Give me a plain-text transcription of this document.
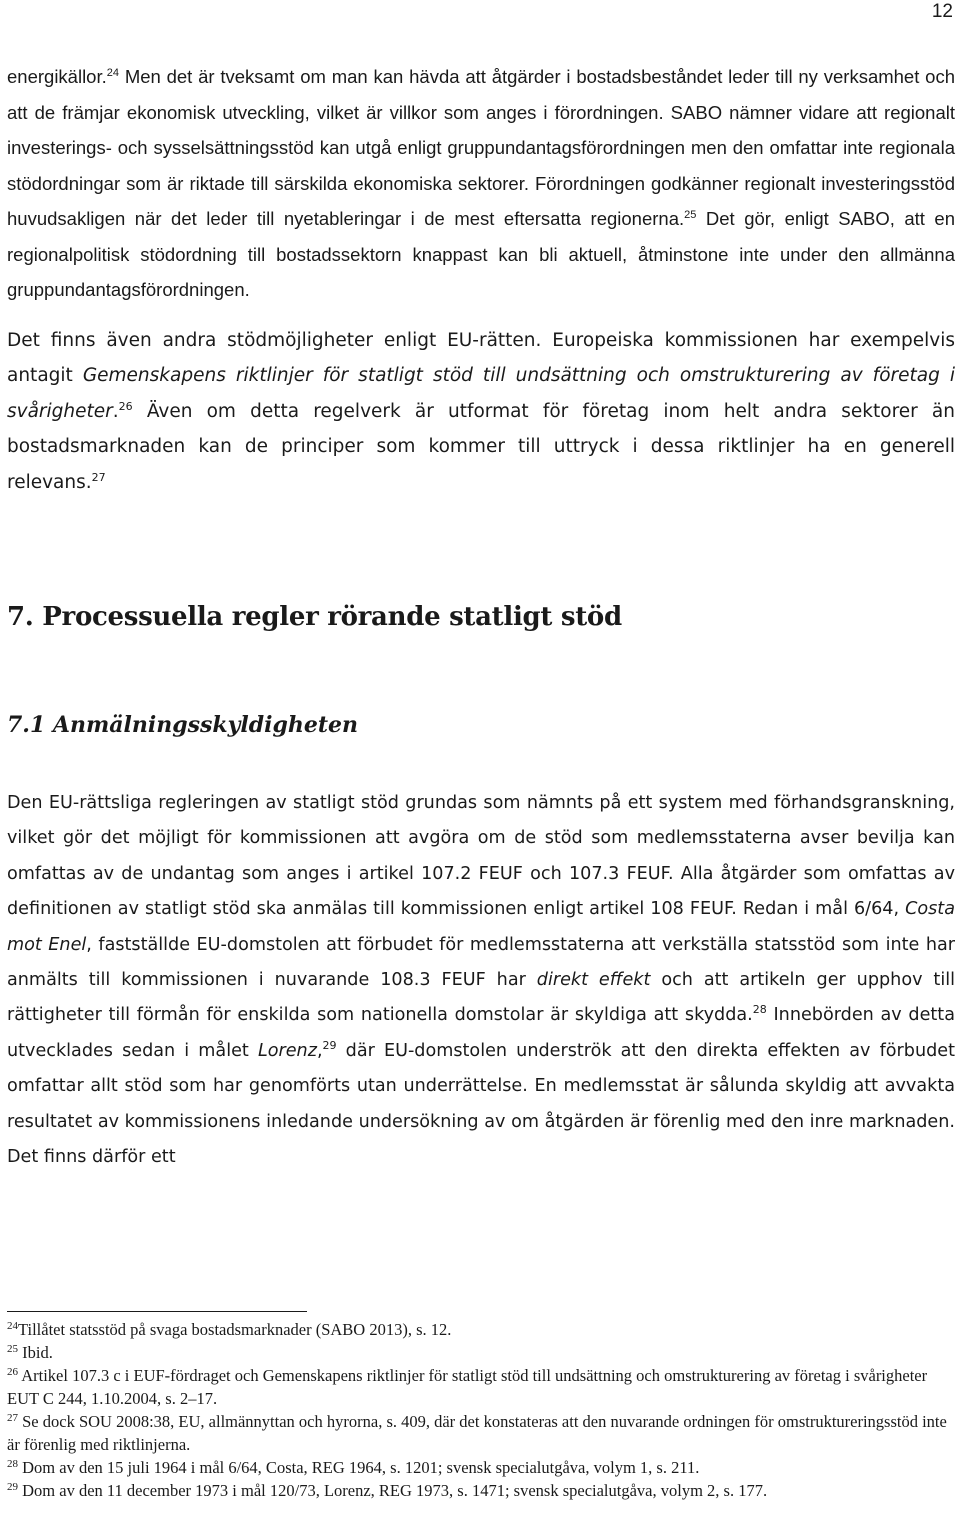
12

energikällor.$^{24}$ Men det är tveksamt om man kan hävda att åtgärder i bostadsbeståndet leder till ny verksamhet och att de främjar ekonomisk utveckling, vilket är villkor som anges i förordningen. SABO nämner vidare att regionalt investerings- och sysselsättningsstöd kan utgå enligt gruppundantagsförordningen men den omfattar inte regionala stödordningar som är riktade till särskilda ekonomiska sektorer. Förordningen godkänner regionalt investeringsstöd huvudsakligen när det leder till nyetableringar i de mest eftersatta regionerna.$^{25}$ Det gör, enligt SABO, att en regionalpolitisk stödordning till bostadssektorn knappast kan bli aktuell, åtminstone inte under den allmänna gruppundantagsförordningen.

Det finns även andra stödmöjligheter enligt EU-rätten. Europeiska kommissionen har exempelvis antagit Gemenskapens riktlinjer för statligt stöd till undsättning och omstrukturering av företag i svårigheter.$^{26}$ Även om detta regelverk är utformat för företag inom helt andra sektorer än bostadsmarknaden kan de principer som kommer till uttryck i dessa riktlinjer ha en generell relevans.$^{27}$

7. Processuella regler rörande statligt stöd
7.1 Anmälningsskyldigheten

Den EU-rättsliga regleringen av statligt stöd grundas som nämnts på ett system med förhandsgranskning, vilket gör det möjligt för kommissionen att avgöra om de stöd som medlemsstaterna avser bevilja kan omfattas av de undantag som anges i artikel 107.2 FEUF och 107.3 FEUF. Alla åtgärder som omfattas av definitionen av statligt stöd ska anmälas till kommissionen enligt artikel 108 FEUF. Redan i mål 6/64, Costa mot Enel, fastställde EU-domstolen att förbudet för medlemsstaterna att verkställa statsstöd som inte har anmälts till kommissionen i nuvarande 108.3 FEUF har direkt effekt och att artikeln ger upphov till rättigheter till förmån för enskilda som nationella domstolar är skyldiga att skydda.$^{28}$ Innebörden av detta utvecklades sedan i målet Lorenz,$^{29}$ där EU-domstolen underströk att den direkta effekten av förbudet omfattar allt stöd som har genomförts utan underrättelse. En medlemsstat är sålunda skyldig att avvakta resultatet av kommissionens inledande undersökning av om åtgärden är förenlig med den inre marknaden. Det finns därför ett

$^{24}$Tillåtet statsstöd på svaga bostadsmarknader (SABO 2013), s. 12.

$^{25}$ Ibid.

$^{26}$ Artikel 107.3 c i EUF-fördraget och Gemenskapens riktlinjer för statligt stöd till undsättning och omstrukturering av företag i svårigheter EUT C 244, 1.10.2004, s. 2–17.

$^{27}$ Se dock SOU 2008:38, EU, allmännyttan och hyrorna, s. 409, där det konstateras att den nuvarande ordningen för omstruktureringsstöd inte är förenlig med riktlinjerna.

$^{28}$ Dom av den 15 juli 1964 i mål 6/64, Costa, REG 1964, s. 1201; svensk specialutgåva, volym 1, s. 211.

$^{29}$ Dom av den 11 december 1973 i mål 120/73, Lorenz, REG 1973, s. 1471; svensk specialutgåva, volym 2, s. 177.
